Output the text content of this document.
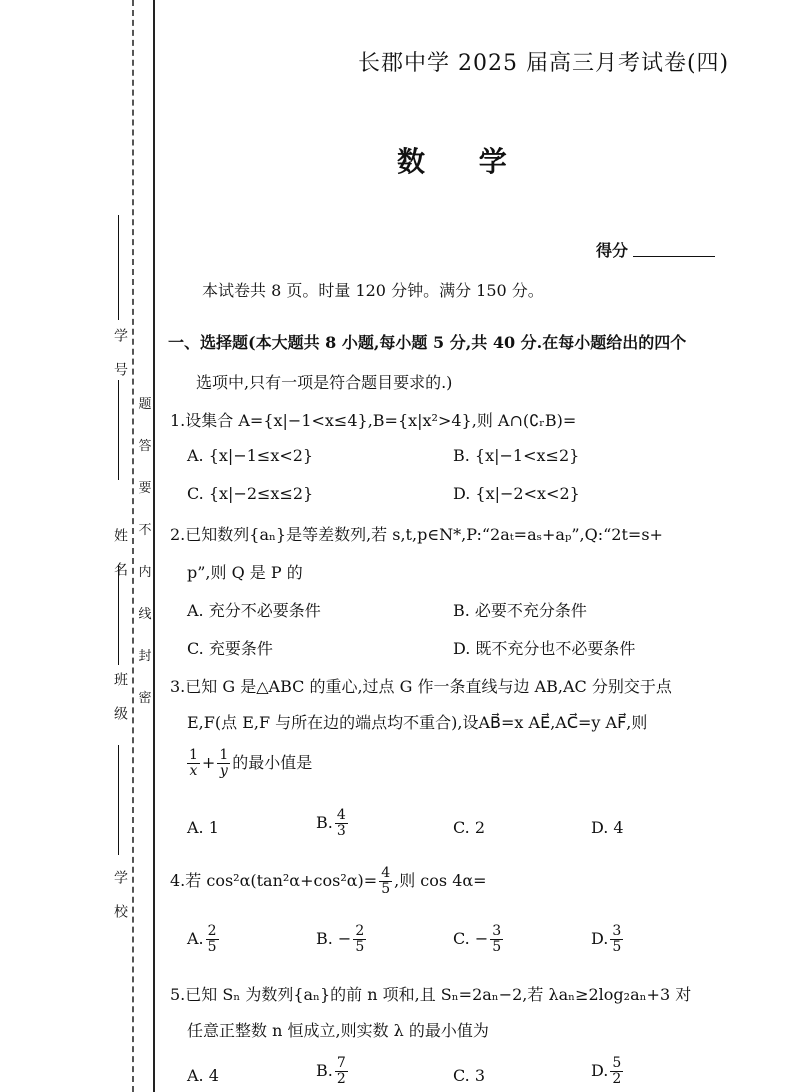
学 号
姓 名
班 级
学 校
题
答
要
不
内
线
封
密
长郡中学 2025 届高三月考试卷(四)
数 学
得分
本试卷共 8 页。时量 120 分钟。满分 150 分。
一、选择题(本大题共 8 小题,每小题 5 分,共 40 分.在每小题给出的四个
选项中,只有一项是符合题目要求的.)
1.设集合 A={x|−1<x≤4},B={x|x²>4},则 A∩(∁ᵣB)=
A. {x|−1≤x<2}	B. {x|−1<x≤2}
C. {x|−2≤x≤2}	D. {x|−2<x<2}
2.已知数列{aₙ}是等差数列,若 s,t,p∈N*,P:“2aₜ=aₛ+aₚ”,Q:“2t=s+
p”,则 Q 是 P 的
A. 充分不必要条件	B. 必要不充分条件
C. 充要条件	D. 既不充分也不必要条件
3.已知 G 是△ABC 的重心,过点 G 作一条直线与边 AB,AC 分别交于点
E,F(点 E,F 与所在边的端点均不重合),设AB⃗=x AE⃗,AC⃗=y AF⃗,则
$\frac{1}{x} + \frac{1}{y}$ 的最小值是
A. 1	B. $\frac{4}{3}$	C. 2	D. 4
4.若 $\cos^2\alpha(\tan^2\alpha+\cos^2\alpha)= \frac{4}{5}$ ,则 cos 4α=
A. $\frac{2}{5}$	B. − $\frac{2}{5}$	C. − $\frac{3}{5}$	D. $\frac{3}{5}$
5.已知 Sₙ 为数列{aₙ}的前 n 项和,且 Sₙ=2aₙ−2,若 λaₙ≥2log₂aₙ+3 对
任意正整数 n 恒成立,则实数 λ 的最小值为
A. 4	B. $\frac{7}{2}$	C. 3	D. $\frac{5}{2}$
